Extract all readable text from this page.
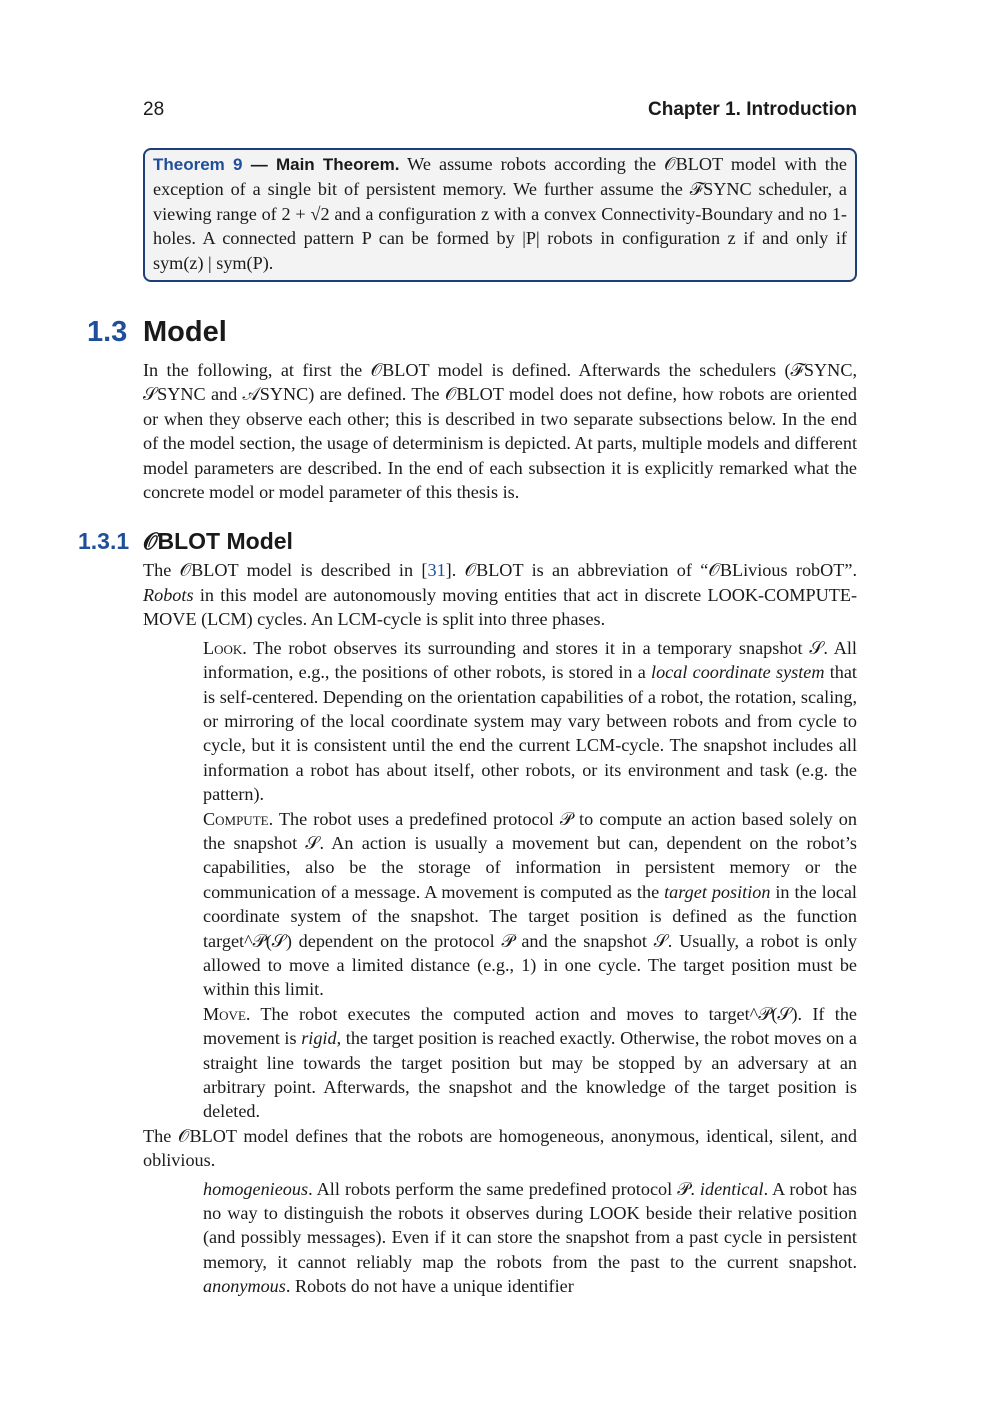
28	Chapter 1. Introduction
Theorem 9 — Main Theorem. We assume robots according the 𝒪BLOT model with the exception of a single bit of persistent memory. We further assume the ℱSYNC scheduler, a viewing range of 2 + √2 and a configuration z with a convex Connectivity-Boundary and no 1-holes. A connected pattern P can be formed by |P| robots in configuration z if and only if sym(z) | sym(P).
1.3 Model

In the following, at first the 𝒪BLOT model is defined. Afterwards the schedulers (ℱSYNC, 𝒮SYNC and 𝒜SYNC) are defined. The 𝒪BLOT model does not define, how robots are oriented or when they observe each other; this is described in two separate subsections below. In the end of the model section, the usage of determinism is depicted. At parts, multiple models and different model parameters are described. In the end of each subsection it is explicitly remarked what the concrete model or model parameter of this thesis is.

1.3.1 𝒪BLOT Model

The 𝒪BLOT model is described in [31]. 𝒪BLOT is an abbreviation of “𝒪BLivious robOT”. Robots in this model are autonomously moving entities that act in discrete LOOK-COMPUTE-MOVE (LCM) cycles. An LCM-cycle is split into three phases.

Look. The robot observes its surrounding and stores it in a temporary snapshot 𝒮. All information, e.g., the positions of other robots, is stored in a local coordinate system that is self-centered. Depending on the orientation capabilities of a robot, the rotation, scaling, or mirroring of the local coordinate system may vary between robots and from cycle to cycle, but it is consistent until the end the current LCM-cycle. The snapshot includes all information a robot has about itself, other robots, or its environment and task (e.g. the pattern).

Compute. The robot uses a predefined protocol 𝒫 to compute an action based solely on the snapshot 𝒮. An action is usually a movement but can, dependent on the robot’s capabilities, also be the storage of information in persistent memory or the communication of a message. A movement is computed as the target position in the local coordinate system of the snapshot. The target position is defined as the function target^𝒫(𝒮) dependent on the protocol 𝒫 and the snapshot 𝒮. Usually, a robot is only allowed to move a limited distance (e.g., 1) in one cycle. The target position must be within this limit.

Move. The robot executes the computed action and moves to target^𝒫(𝒮). If the movement is rigid, the target position is reached exactly. Otherwise, the robot moves on a straight line towards the target position but may be stopped by an adversary at an arbitrary point. Afterwards, the snapshot and the knowledge of the target position is deleted.

The 𝒪BLOT model defines that the robots are homogeneous, anonymous, identical, silent, and oblivious.

homogenieous. All robots perform the same predefined protocol 𝒫. identical. A robot has no way to distinguish the robots it observes during LOOK beside their relative position (and possibly messages). Even if it can store the snapshot from a past cycle in persistent memory, it cannot reliably map the robots from the past to the current snapshot. anonymous. Robots do not have a unique identifier
